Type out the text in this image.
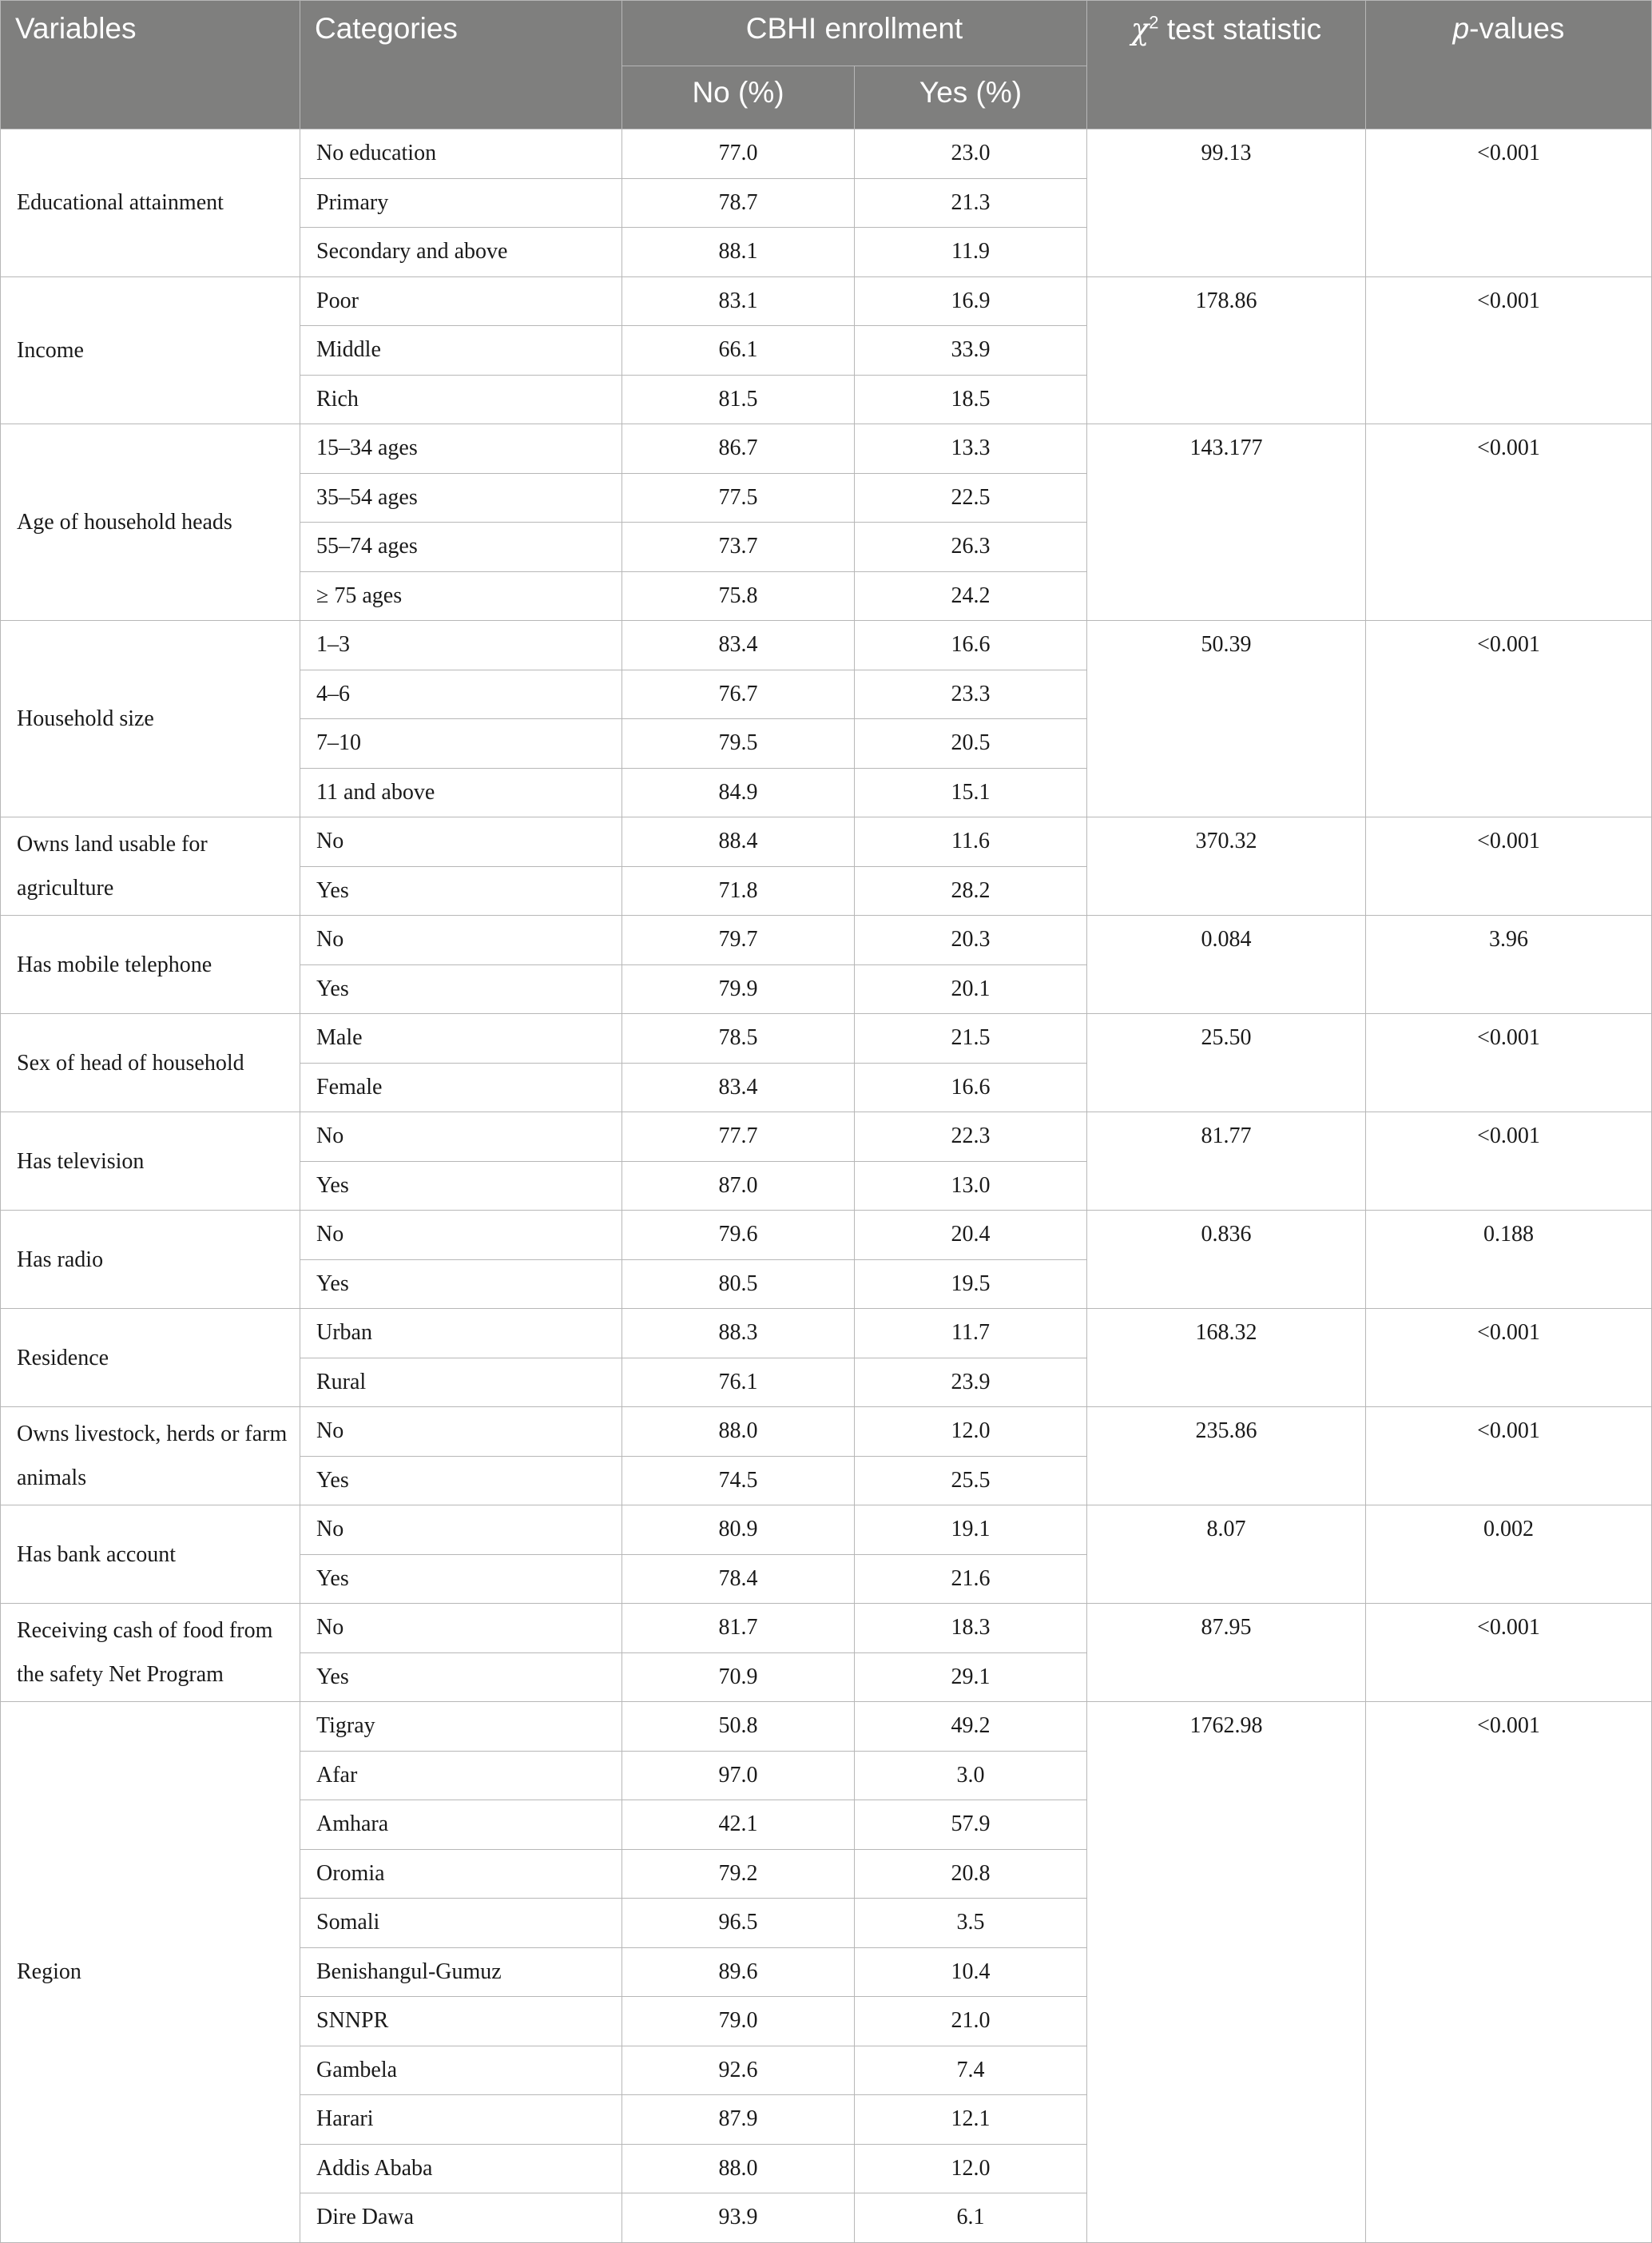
Variables	Categories	CBHI enrollment		$\chi^2$ test statistic	p-values
		No (%)	Yes (%)		
Educational attainment	No education	77.0	23.0	99.13	<0.001
	Primary	78.7	21.3		
	Secondary and above	88.1	11.9		
Income	Poor	83.1	16.9	178.86	<0.001
	Middle	66.1	33.9		
	Rich	81.5	18.5		
Age of household heads	15–34 ages	86.7	13.3	143.177	<0.001
	35–54 ages	77.5	22.5		
	55–74 ages	73.7	26.3		
	≥ 75 ages	75.8	24.2		
Household size	1–3	83.4	16.6	50.39	<0.001
	4–6	76.7	23.3		
	7–10	79.5	20.5		
	11 and above	84.9	15.1		
Owns land usable for agriculture	No	88.4	11.6	370.32	<0.001
	Yes	71.8	28.2		
Has mobile telephone	No	79.7	20.3	0.084	3.96
	Yes	79.9	20.1		
Sex of head of household	Male	78.5	21.5	25.50	<0.001
	Female	83.4	16.6		
Has television	No	77.7	22.3	81.77	<0.001
	Yes	87.0	13.0		
Has radio	No	79.6	20.4	0.836	0.188
	Yes	80.5	19.5		
Residence	Urban	88.3	11.7	168.32	<0.001
	Rural	76.1	23.9		
Owns livestock, herds or farm animals	No	88.0	12.0	235.86	<0.001
	Yes	74.5	25.5		
Has bank account	No	80.9	19.1	8.07	0.002
	Yes	78.4	21.6		
Receiving cash of food from the safety Net Program	No	81.7	18.3	87.95	<0.001
	Yes	70.9	29.1		
Region	Tigray	50.8	49.2	1762.98	<0.001
	Afar	97.0	3.0		
	Amhara	42.1	57.9		
	Oromia	79.2	20.8		
	Somali	96.5	3.5		
	Benishangul-Gumuz	89.6	10.4		
	SNNPR	79.0	21.0		
	Gambela	92.6	7.4		
	Harari	87.9	12.1		
	Addis Ababa	88.0	12.0		
	Dire Dawa	93.9	6.1		
